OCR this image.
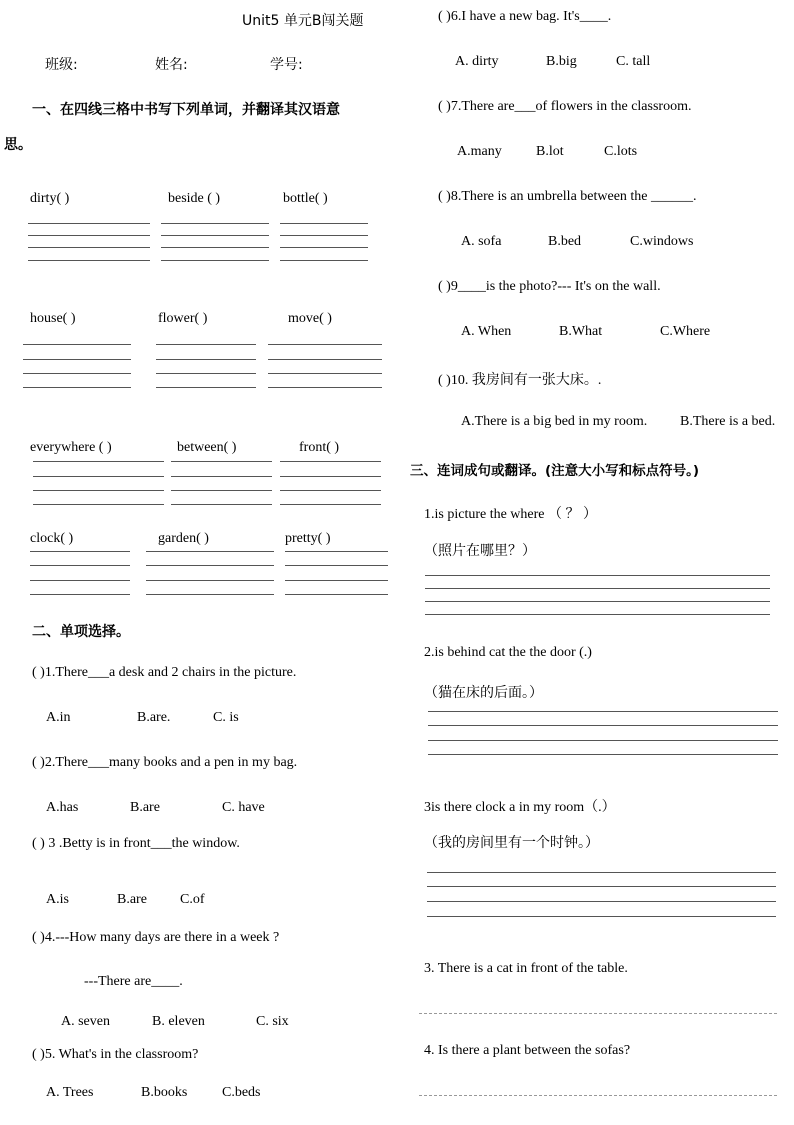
Unit5 单元B闯关题
班级:	姓名:	学号:
一、在四线三格中书写下列单词，并翻译其汉语意
思。
dirty( )	beside ( )	bottle( )
house( )	flower( )	move( )
everywhere ( )	between( )	front( )
clock( )	garden( )	pretty( )
二、单项选择。
( )1.There___a desk and 2 chairs in the picture.
A.in	B.are.	C. is
( )2.There___many books and a pen in my bag.
A.has	B.are	C. have
( ) 3 .Betty is in front___the window.
A.is	B.are C.of
( )4.---How many days are there in a week ?
---There are____.
A. seven	B. eleven	C. six
( )5. What's in the classroom?
A. Trees	B.books C.beds
( )6.I have a new bag. It's____.
A. dirty	B.big	C. tall
( )7.There are___of flowers in the classroom.
A.many B.lot	C.lots
( )8.There is an umbrella between the ______.
A. sofa	B.bed	C.windows
( )9____is the photo?--- It's on the wall.
A. When	B.What	C.Where
( )10. 我房间有一张大床。.
A.There is a big bed in my room. B.There is a bed.
三、连词成句或翻译。(注意大小写和标点符号。)
1.is picture the where （ ？ ）
（照片在哪里？）
2.is behind cat the the door (.)
（猫在床的后面。）
3is there clock a in my room（.）
（我的房间里有一个时钟。）
3. There is a cat in front of the table.
4. Is there a plant between the sofas?
